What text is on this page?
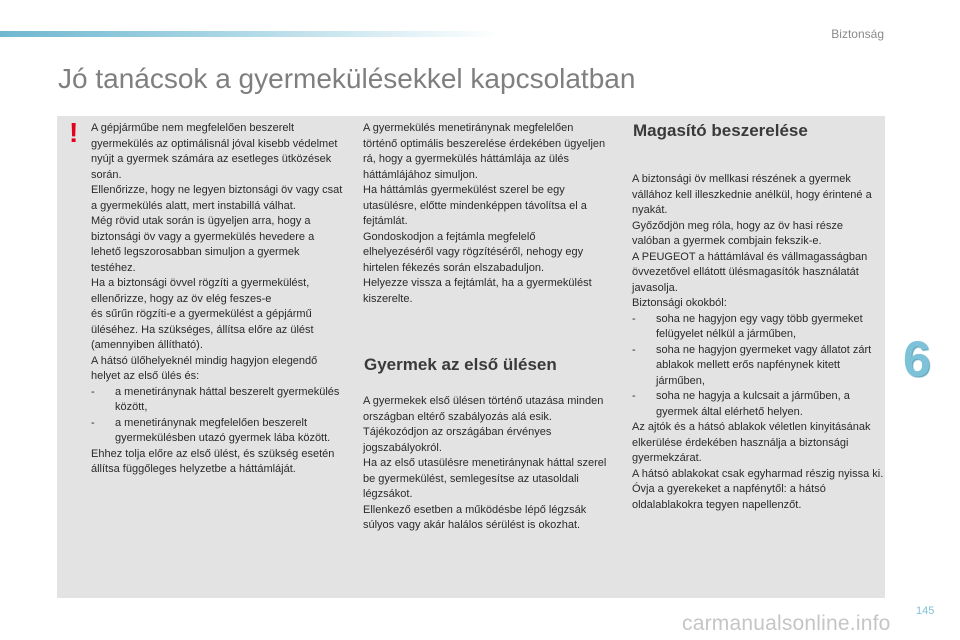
Biztonság
Jó tanácsok a gyermekülésekkel kapcsolatban
! A gépjárműbe nem megfelelően beszerelt gyermekülés az optimálisnál jóval kisebb védelmet nyújt a gyermek számára az esetleges ütközések során.

Ellenőrizze, hogy ne legyen biztonsági öv vagy csat a gyermekülés alatt, mert instabillá válhat.

Még rövid utak során is ügyeljen arra, hogy a biztonsági öv vagy a gyermekülés hevedere a lehető legszorosabban simuljon a gyermek testéhez.

Ha a biztonsági övvel rögzíti a gyermekülést, ellenőrizze, hogy az öv elég feszes-e

és sűrűn rögzíti-e a gyermekülést a gépjármű üléséhez. Ha szükséges, állítsa előre az ülést (amennyiben állítható).

A hátsó ülőhelyeknél mindig hagyjon elegendő helyet az első ülés és:

- a menetiránynak háttal beszerelt gyermekülés között,

- a menetiránynak megfelelően beszerelt gyermekülésben utazó gyermek lába között.

Ehhez tolja előre az első ülést, és szükség esetén állítsa függőleges helyzetbe a háttámláját.

A gyermekülés menetiránynak megfelelően történő optimális beszerelése érdekében ügyeljen rá, hogy a gyermekülés háttámlája az ülés háttámlájához simuljon.

Ha háttámlás gyermekülést szerel be egy utasülésre, előtte mindenképpen távolítsa el a fejtámlát.

Gondoskodjon a fejtámla megfelelő elhelyezéséről vagy rögzítéséről, nehogy egy hirtelen fékezés során elszabaduljon.

Helyezze vissza a fejtámlát, ha a gyermekülést kiszerelte.

Gyermek az első ülésen

A gyermekek első ülésen történő utazása minden országban eltérő szabályozás alá esik. Tájékozódjon az országában érvényes jogszabályokról.

Ha az első utasülésre menetiránynak háttal szerel be gyermekülést, semlegesítse az utasoldali légzsákot.

Ellenkező esetben a működésbe lépő légzsák súlyos vagy akár halálos sérülést is okozhat.

Magasító beszerelése

A biztonsági öv mellkasi részének a gyermek vállához kell illeszkednie anélkül, hogy érintené a nyakát.

Győződjön meg róla, hogy az öv hasi része valóban a gyermek combjain fekszik-e.

A PEUGEOT a háttámlával és vállmagasságban övvezetővel ellátott ülésmagasítók használatát javasolja.

Biztonsági okokból:

- soha ne hagyjon egy vagy több gyermeket felügyelet nélkül a járműben,

- soha ne hagyjon gyermeket vagy állatot zárt ablakok mellett erős napfénynek kitett járműben,

- soha ne hagyja a kulcsait a járműben, a gyermek által elérhető helyen.

Az ajtók és a hátsó ablakok véletlen kinyitásának elkerülése érdekében használja a biztonsági gyermekzárat.

A hátsó ablakokat csak egyharmad részig nyissa ki.

Óvja a gyerekeket a napfénytől: a hátsó oldalablakokra tegyen napellenzőt.

6
145
carmanualsonline.info
